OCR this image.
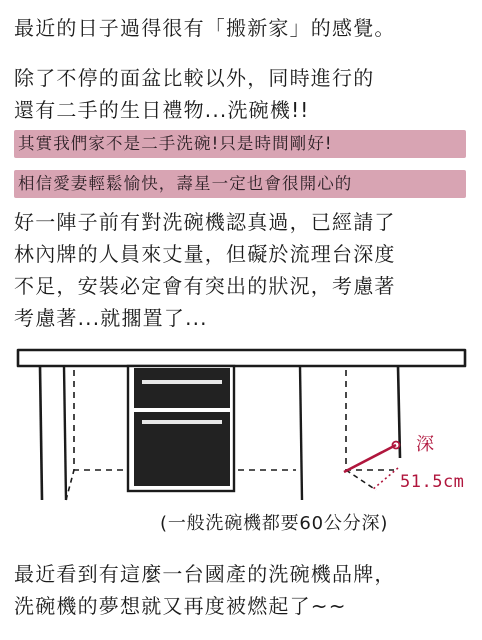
最近的日子過得很有「搬新家」的感覺。
除了不停的面盆比較以外，同時進行的
還有二手的生日禮物...洗碗機!!
其實我們家不是二手洗碗!只是時間剛好!
相信愛妻輕鬆愉快，壽星一定也會很開心的
好一陣子前有對洗碗機認真過，已經請了
林內牌的人員來丈量，但礙於流理台深度
不足，安裝必定會有突出的狀況，考慮著
考慮著...就擱置了...
深
51.5cm
(一般洗碗機都要60公分深)
最近看到有這麼一台國產的洗碗機品牌，
洗碗機的夢想就又再度被燃起了~~
